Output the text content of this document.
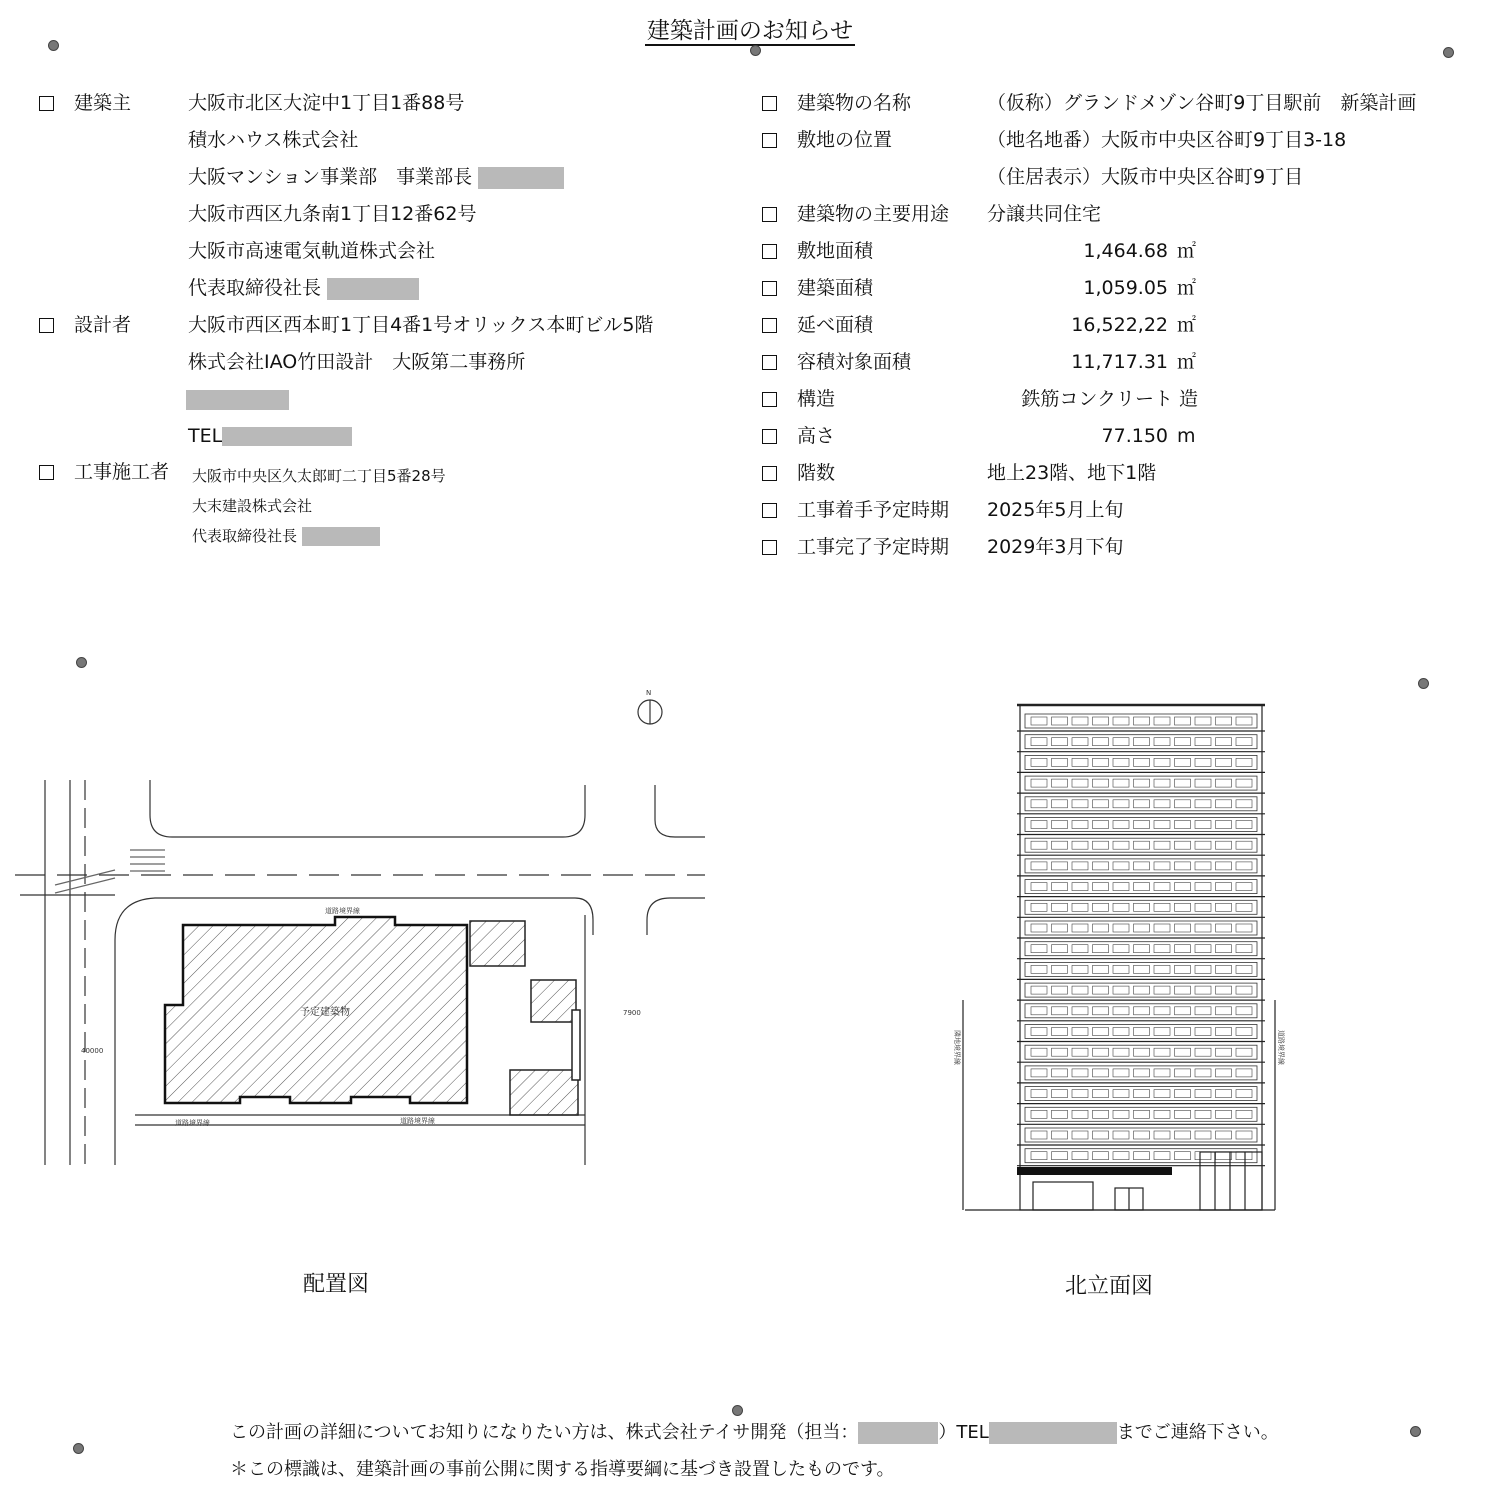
建築計画のお知らせ
建築主	大阪市北区大淀中1丁目1番88号
積水ハウス株式会社
大阪マンション事業部　事業部長
大阪市西区九条南1丁目12番62号
大阪市高速電気軌道株式会社
代表取締役社長
設計者	大阪市西区西本町1丁目4番1号オリックス本町ビル5階
株式会社IAO竹田設計　大阪第二事務所
TEL
工事施工者 大阪市中央区久太郎町二丁目5番28号
大末建設株式会社
代表取締役社長
建築物の名称	（仮称）グランドメゾン谷町9丁目駅前　新築計画
敷地の位置	（地名地番）大阪市中央区谷町9丁目3-18
（住居表示）大阪市中央区谷町9丁目
建築物の主要用途 分譲共同住宅
敷地面積	1,464.68 ㎡
建築面積	1,059.05 ㎡
延べ面積	16,522,22 ㎡
容積対象面積	11,717.31 ㎡
構造	鉄筋コンクリート 造
高さ	77.150 m
階数	地上23階、地下1階
工事着手予定時期 2025年5月上旬
工事完了予定時期 2029年3月下旬
N
予定建築物
道路境界線
道路境界線	道路境界線
7900
40000
配置図
隣地境界線	道路境界線
北立面図
この計画の詳細についてお知りになりたい方は、株式会社テイサ開発（担当：	）TEL	までご連絡下さい。
＊この標識は、建築計画の事前公開に関する指導要綱に基づき設置したものです。
